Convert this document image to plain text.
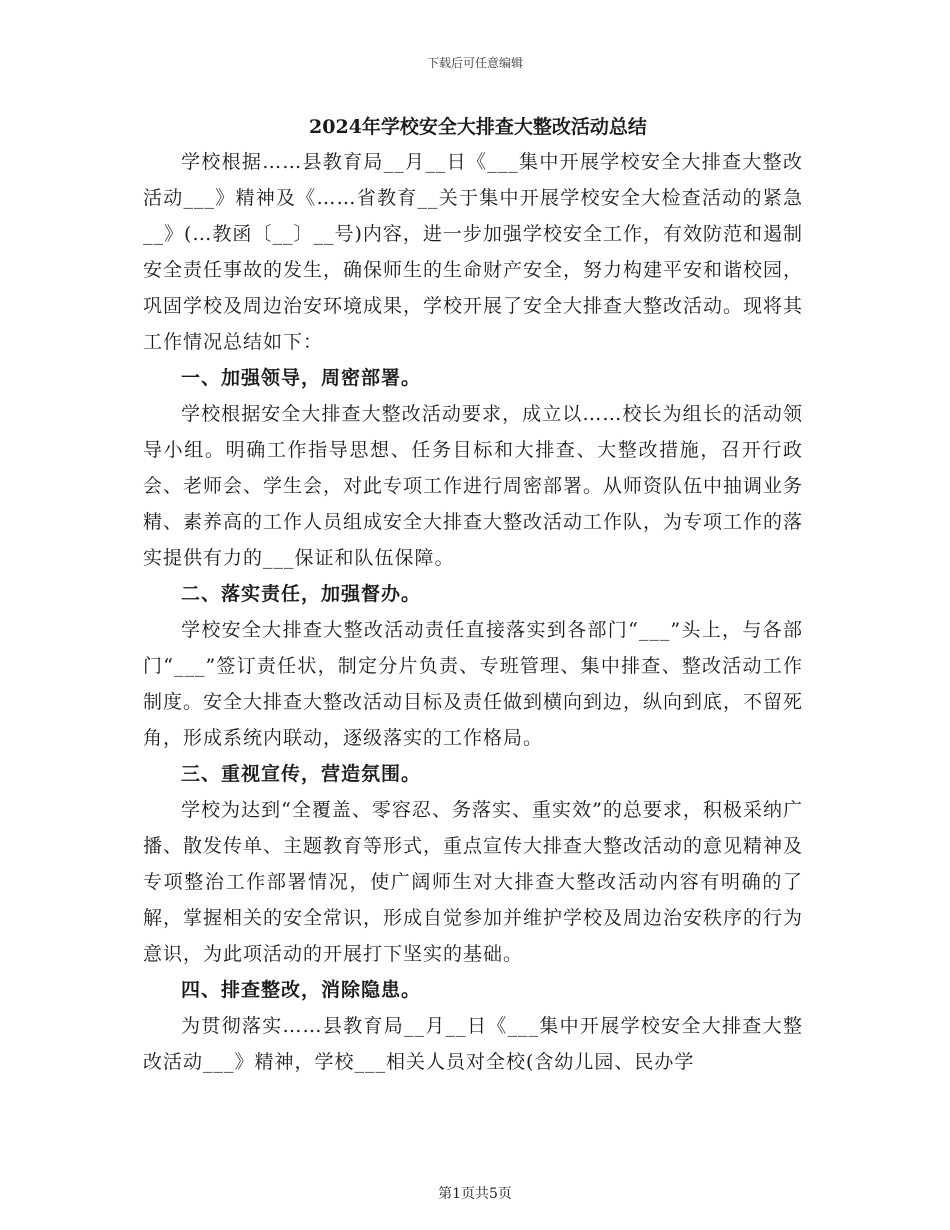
下载后可任意编辑
2024年学校安全大排查大整改活动总结

学校根据……县教育局__月__日《___集中开展学校安全大排查大整改活动___》精神及《……省教育__关于集中开展学校安全大检查活动的紧急__》(…教函〔__〕__号)内容，进一步加强学校安全工作，有效防范和遏制安全责任事故的发生，确保师生的生命财产安全，努力构建平安和谐校园，巩固学校及周边治安环境成果，学校开展了安全大排查大整改活动。现将其工作情况总结如下：

一、加强领导，周密部署。

学校根据安全大排查大整改活动要求，成立以……校长为组长的活动领导小组。明确工作指导思想、任务目标和大排查、大整改措施，召开行政会、老师会、学生会，对此专项工作进行周密部署。从师资队伍中抽调业务精、素养高的工作人员组成安全大排查大整改活动工作队，为专项工作的落实提供有力的___保证和队伍保障。

二、落实责任，加强督办。

学校安全大排查大整改活动责任直接落实到各部门“___”头上，与各部门“___”签订责任状，制定分片负责、专班管理、集中排查、整改活动工作制度。安全大排查大整改活动目标及责任做到横向到边，纵向到底，不留死角，形成系统内联动，逐级落实的工作格局。

三、重视宣传，营造氛围。

学校为达到“全覆盖、零容忍、务落实、重实效”的总要求，积极采纳广播、散发传单、主题教育等形式，重点宣传大排查大整改活动的意见精神及专项整治工作部署情况，使广阔师生对大排查大整改活动内容有明确的了解，掌握相关的安全常识，形成自觉参加并维护学校及周边治安秩序的行为意识，为此项活动的开展打下坚实的基础。

四、排查整改，消除隐患。

为贯彻落实……县教育局__月__日《___集中开展学校安全大排查大整改活动___》精神，学校___相关人员对全校(含幼儿园、民办学

第1页共5页
